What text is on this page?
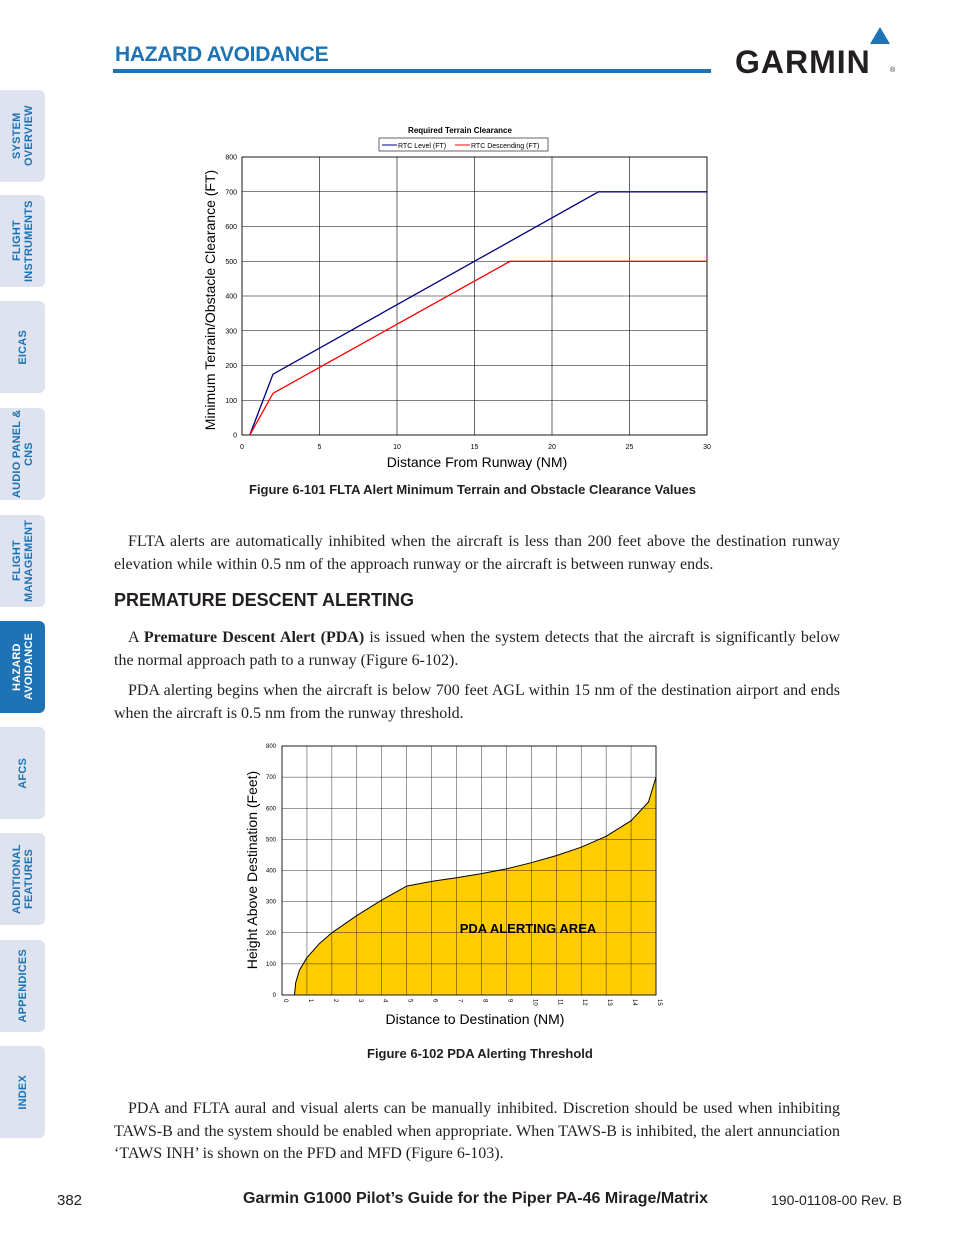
SYSTEM OVERVIEW
FLIGHT INSTRUMENTS
EICAS
AUDIO PANEL & CNS
FLIGHT MANAGEMENT
HAZARD AVOIDANCE
AFCS
ADDITIONAL FEATURES
APPENDICES
INDEX
HAZARD AVOIDANCE	GARMIN	®
Required Terrain Clearance
RTC Level (FT)	RTC Descending (FT)
0
100
200
300
400
500
600
700
800
0	5	10	15	20	25	30
Minimum Terrain/Obstacle Clearance (FT)
Distance From Runway (NM)
Figure 6-101 FLTA Alert Minimum Terrain and Obstacle Clearance Values
FLTA alerts are automatically inhibited when the aircraft is less than 200 feet above the destination runway elevation while within 0.5 nm of the approach runway or the aircraft is between runway ends.
PREMATURE DESCENT ALERTING
A Premature Descent Alert (PDA) is issued when the system detects that the aircraft is significantly below the normal approach path to a runway (Figure 6-102).
PDA alerting begins when the aircraft is below 700 feet AGL within 15 nm of the destination airport and ends when the aircraft is 0.5 nm from the runway threshold.
0
100
200
300
400
500
600
700
800
0	1	2	3	4	5	6	7	8	9	10	11	12	13	14	15
PDA ALERTING AREA
Height Above Destination (Feet)
Distance to Destination (NM)
Figure 6-102 PDA Alerting Threshold
PDA and FLTA aural and visual alerts can be manually inhibited. Discretion should be used when inhibiting TAWS-B and the system should be enabled when appropriate. When TAWS-B is inhibited, the alert annunciation ‘TAWS INH’ is shown on the PFD and MFD (Figure 6-103).
382	Garmin G1000 Pilot’s Guide for the Piper PA-46 Mirage/Matrix	190-01108-00 Rev. B
